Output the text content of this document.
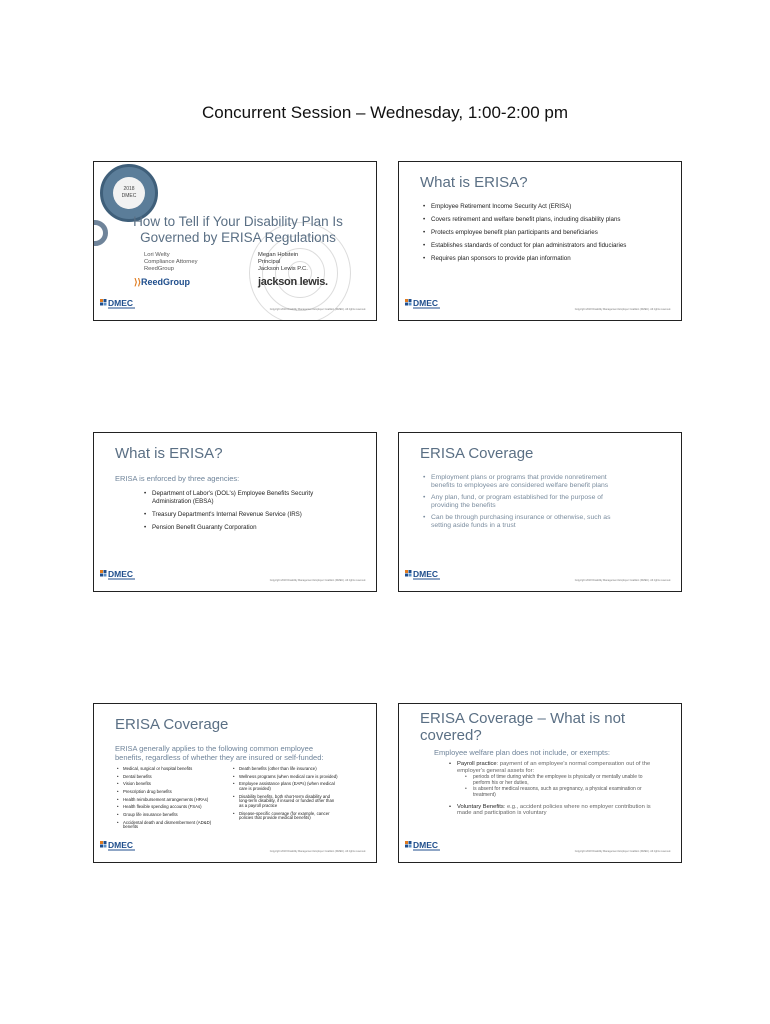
Concurrent Session – Wednesday, 1:00-2:00 pm
2018
DMEC
How to Tell if Your Disability Plan Is Governed by ERISA Regulations
Lori Welty
Compliance Attorney
ReedGroup
Megan Holstein
Principal
Jackson Lewis P.C.
⟩⟩ReedGroup	jackson lewis.
Copyright 2018 Disability Management Employer Coalition (DMEC). All rights reserved.
What is ERISA?
• Employee Retirement Income Security Act (ERISA)
• Covers retirement and welfare benefit plans, including disability plans
• Protects employee benefit plan participants and beneficiaries
• Establishes standards of conduct for plan administrators and fiduciaries
• Requires plan sponsors to provide plan information
Copyright 2018 Disability Management Employer Coalition (DMEC). All rights reserved.
What is ERISA?
ERISA is enforced by three agencies:
• Department of Labor's (DOL's) Employee Benefits Security Administration (EBSA)
• Treasury Department's Internal Revenue Service (IRS)
• Pension Benefit Guaranty Corporation
Copyright 2018 Disability Management Employer Coalition (DMEC). All rights reserved.
ERISA Coverage
• Employment plans or programs that provide nonretirement benefits to employees are considered welfare benefit plans
• Any plan, fund, or program established for the purpose of providing the benefits
• Can be through purchasing insurance or otherwise, such as setting aside funds in a trust
Copyright 2018 Disability Management Employer Coalition (DMEC). All rights reserved.
ERISA Coverage
ERISA generally applies to the following common employee benefits, regardless of whether they are insured or self-funded:
• Medical, surgical or hospital benefits
• Dental benefits
• Vision benefits
• Prescription drug benefits
• Health reimbursement arrangements (HRAs)
• Health flexible spending accounts (FSAs)
• Group life insurance benefits
• Accidental death and dismemberment (AD&D) benefits
• Death benefits (other than life insurance)
• Wellness programs (when medical care is provided)
• Employee assistance plans (EAPs) (when medical care is provided)
• Disability benefits, both short-term disability and long-term disability, if insured or funded other than as a payroll practice
• Disease-specific coverage (for example, cancer policies that provide medical benefits)
Copyright 2018 Disability Management Employer Coalition (DMEC). All rights reserved.
ERISA Coverage – What is not covered?
Employee welfare plan does not include, or exempts:
• Payroll practice: payment of an employee's normal compensation out of the employer's general assets for:
• periods of time during which the employee is physically or mentally unable to perform his or her duties,
• is absent for medical reasons, such as pregnancy, a physical examination or treatment)
• Voluntary Benefits: e.g., accident policies where no employer contribution is made and participation is voluntary
Copyright 2018 Disability Management Employer Coalition (DMEC). All rights reserved.
